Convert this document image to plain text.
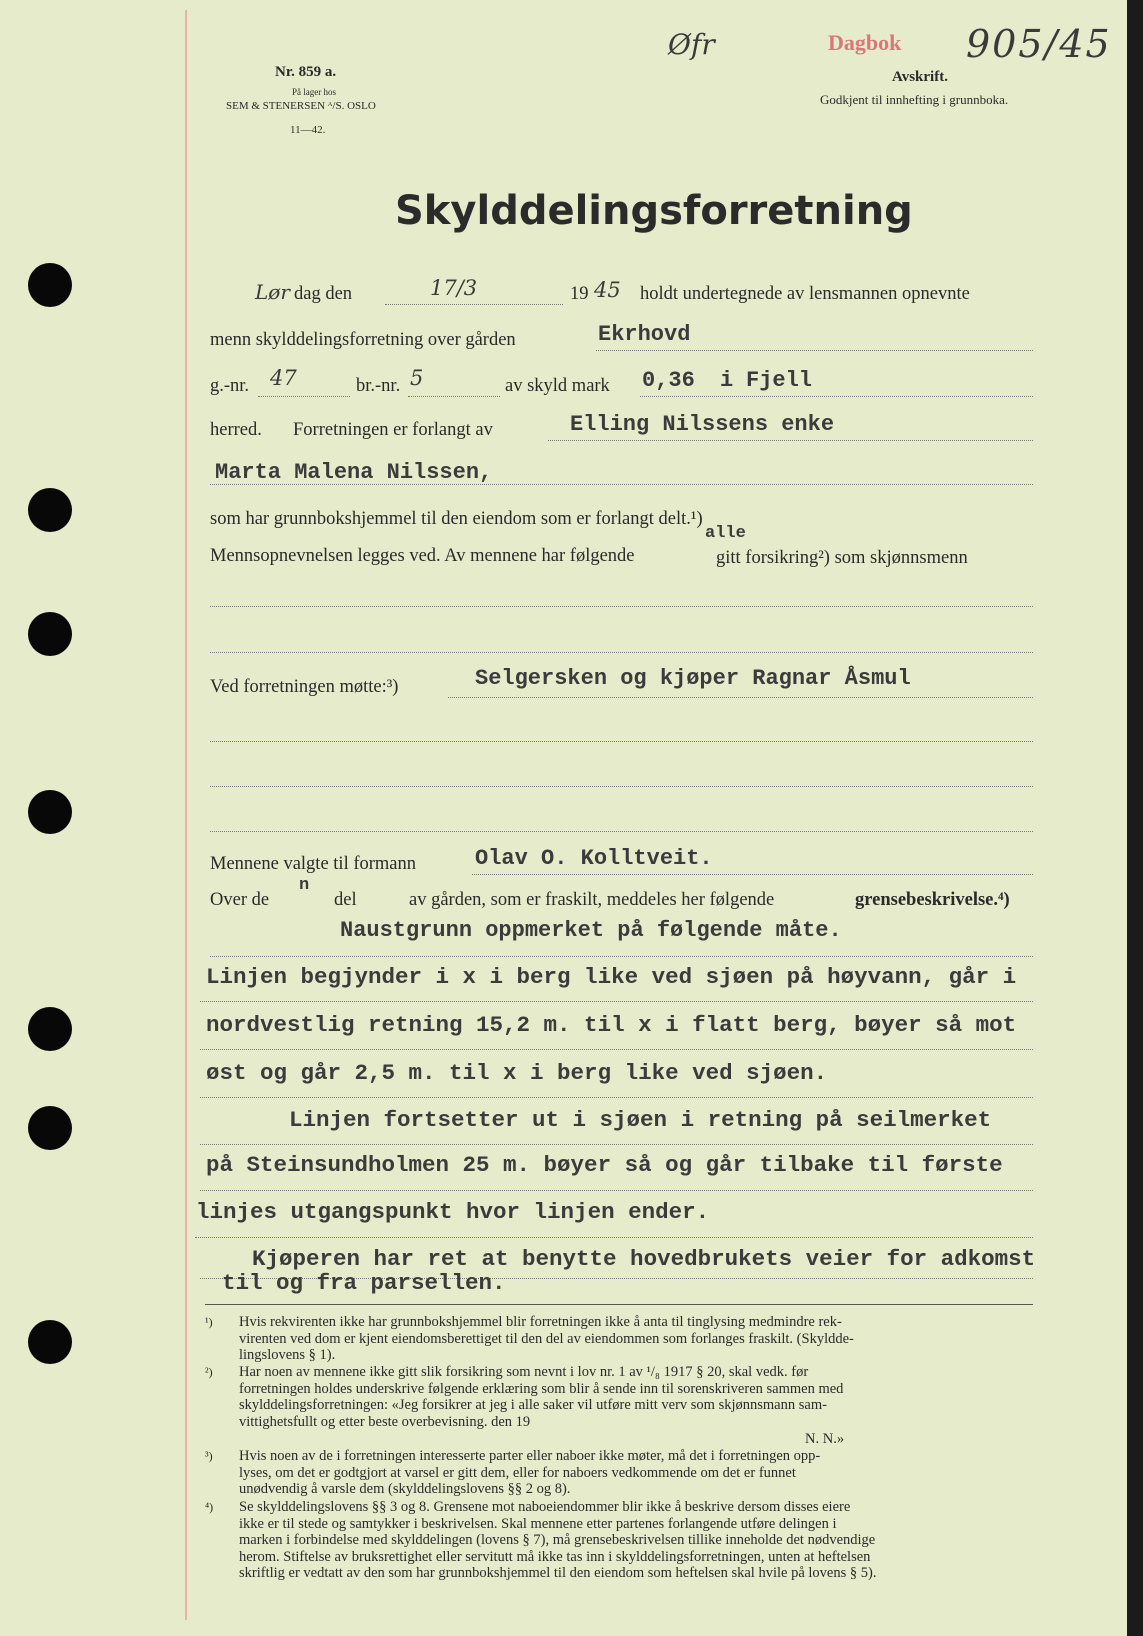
Nr. 859 a.
På lager hos
SEM & STENERSEN ᴬ/S. OSLO
11—42.
Øfr	Dagbok 905/45
Avskrift.
Godkjent til innhefting i grunnboka.
Skylddelingsforretning
Lør dag den	17/3	19 45 holdt undertegnede av lensmannen opnevnte
menn skylddelingsforretning over gården	Ekrhovd
g.-nr. 47	br.-nr. 5	av skyld mark 0,36 i Fjell
herred. Forretningen er forlangt av	Elling Nilssens enke
Marta Malena Nilssen,
som har grunnbokshjemmel til den eiendom som er forlangt delt.¹)
Mennsopnevnelsen legges ved. Av mennene har følgende
alle
gitt forsikring²) som skjønnsmenn
Ved forretningen møtte:³)	Selgersken og kjøper Ragnar Åsmul
Mennene valgte til formann	Olav O. Kolltveit.
Over de
n
del	av gården, som er fraskilt, meddeles her følgende	grensebeskrivelse.⁴)
Naustgrunn oppmerket på følgende måte.
Linjen begjynder i x i berg like ved sjøen på høyvann, går i
nordvestlig retning 15,2 m. til x i flatt berg, bøyer så mot
øst og går 2,5 m. til x i berg like ved sjøen.
Linjen fortsetter ut i sjøen i retning på seilmerket
på Steinsundholmen 25 m. bøyer så og går tilbake til første
linjes utgangspunkt hvor linjen ender.
Kjøperen har ret at benytte hovedbrukets veier for adkomst
til og fra parsellen.
¹)	Hvis rekvirenten ikke har grunnbokshjemmel blir forretningen ikke å anta til tinglysing medmindre rek-
virenten ved dom er kjent eiendomsberettiget til den del av eiendommen som forlanges fraskilt. (Skyldde-
lingslovens § 1).
²)	Har noen av mennene ikke gitt slik forsikring som nevnt i lov nr. 1 av ¹/₈ 1917 § 20, skal vedk. før
forretningen holdes underskrive følgende erklæring som blir å sende inn til sorenskriveren sammen med
skylddelingsforretningen: «Jeg forsikrer at jeg i alle saker vil utføre mitt verv som skjønnsmann sam-
vittighetsfullt og etter beste overbevisning. den 19
N. N.»
³)	Hvis noen av de i forretningen interesserte parter eller naboer ikke møter, må det i forretningen opp-
lyses, om det er godtgjort at varsel er gitt dem, eller for naboers vedkommende om det er funnet
unødvendig å varsle dem (skylddelingslovens §§ 2 og 8).
⁴)	Se skylddelingslovens §§ 3 og 8. Grensene mot naboeiendommer blir ikke å beskrive dersom disses eiere
ikke er til stede og samtykker i beskrivelsen. Skal mennene etter partenes forlangende utføre delingen i
marken i forbindelse med skylddelingen (lovens § 7), må grensebeskrivelsen tillike inneholde det nødvendige
herom. Stiftelse av bruksrettighet eller servitutt må ikke tas inn i skylddelingsforretningen, unten at heftelsen
skriftlig er vedtatt av den som har grunnbokshjemmel til den eiendom som heftelsen skal hvile på lovens § 5).
